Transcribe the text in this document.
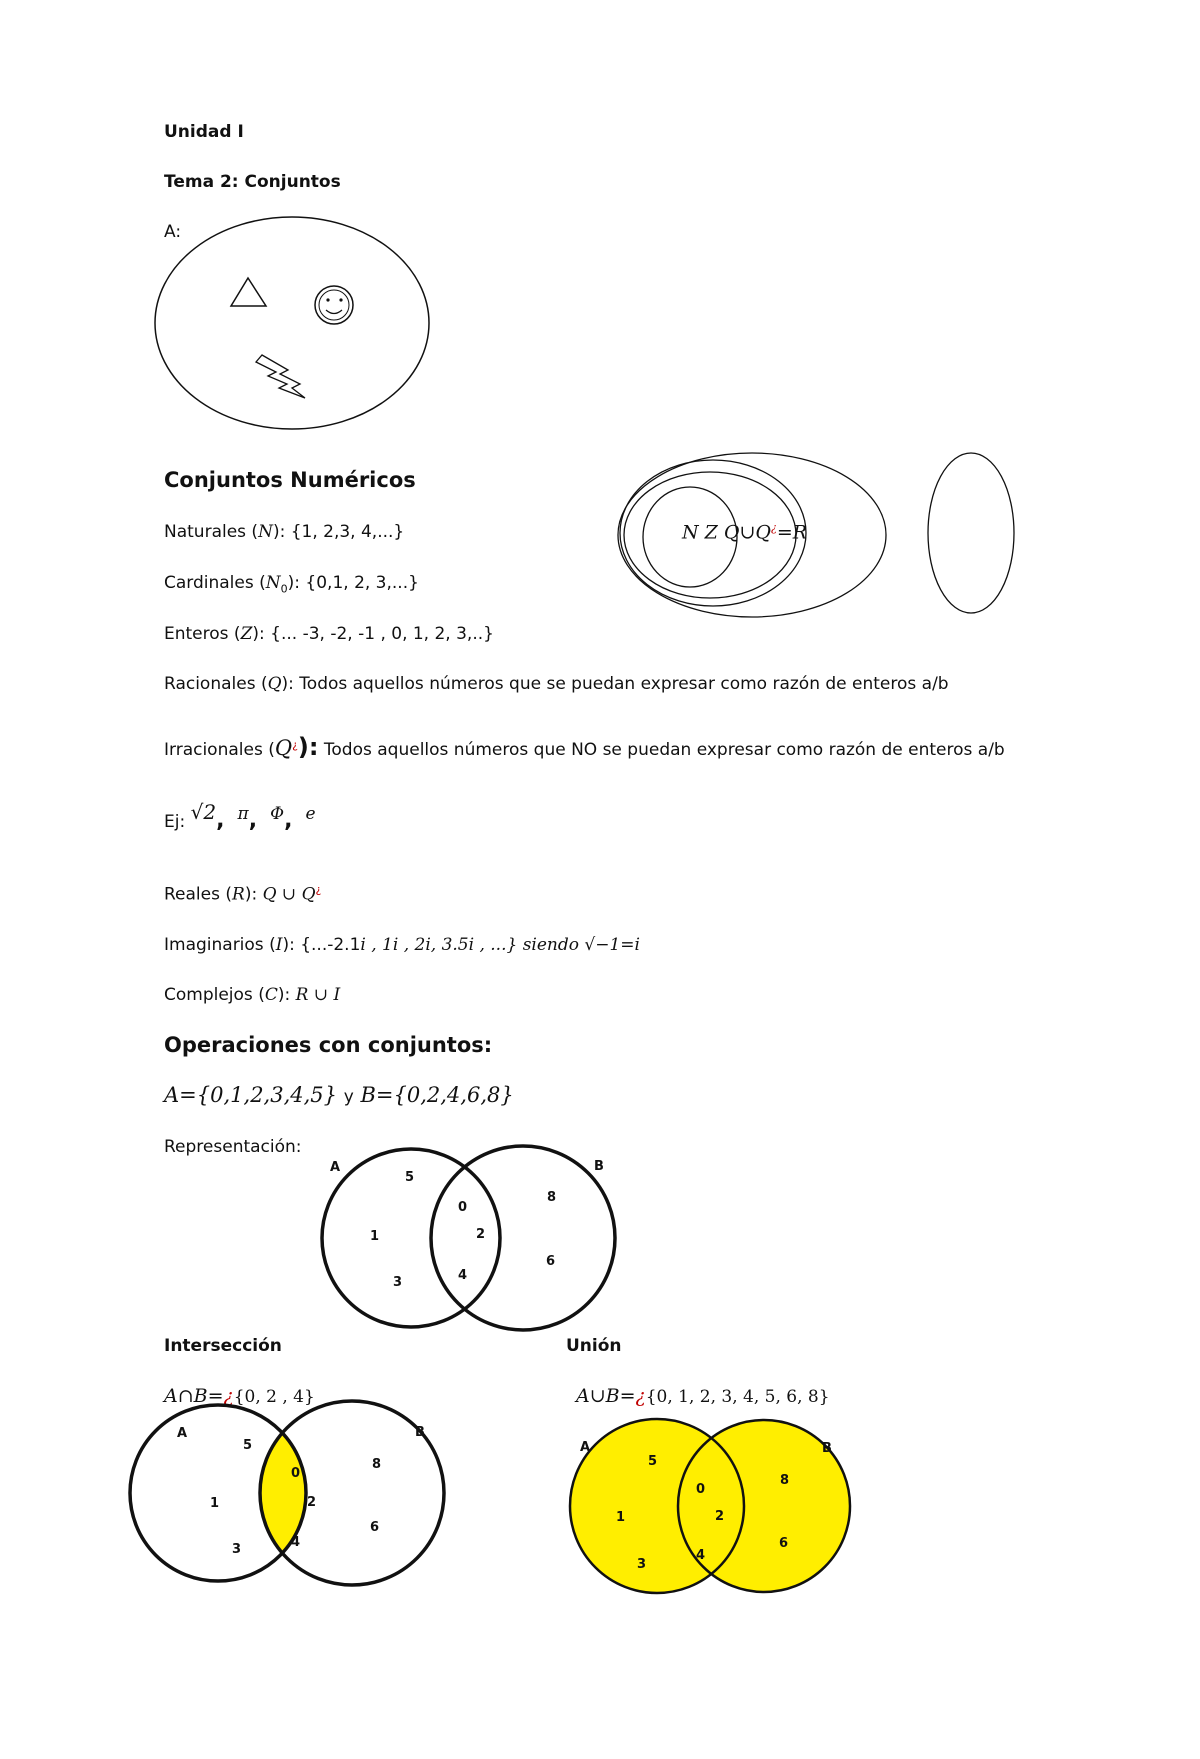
Unidad I
Tema 2: Conjuntos
A:
N Z Q∪Q¿=R
Conjuntos Numéricos
Naturales (N): {1, 2,3, 4,...}
Cardinales $(N_0)$: {0,1, 2, 3,...}
Enteros (Z): {... -3, -2, -1 , 0, 1, 2, 3,..}
Racionales (Q): Todos aquellos números que se puedan expresar como razón de enteros a/b
Irracionales (Q¿): Todos aquellos números que NO se puedan expresar como razón de enteros a/b
Ej: √2,  π,  Φ,  e
Reales (R): Q ∪ Q¿
Imaginarios (I): {...-2.1i , 1i , 2i, 3.5i , ...} siendo √−1=i
Complejos (C): R ∪ I
Operaciones con conjuntos:
A={0,1,2,3,4,5} y B={0,2,4,6,8}
Representación:
Intersección	Unión
A∩B=¿{0, 2 , 4}	A∪B=¿{0, 1, 2, 3, 4, 5, 6, 8}
A	B
5
1
3
0
2
4
8
6
A	B
5
1
3
0
2
4
8
6
A	B
5
1
3
0
2
4
8
6
